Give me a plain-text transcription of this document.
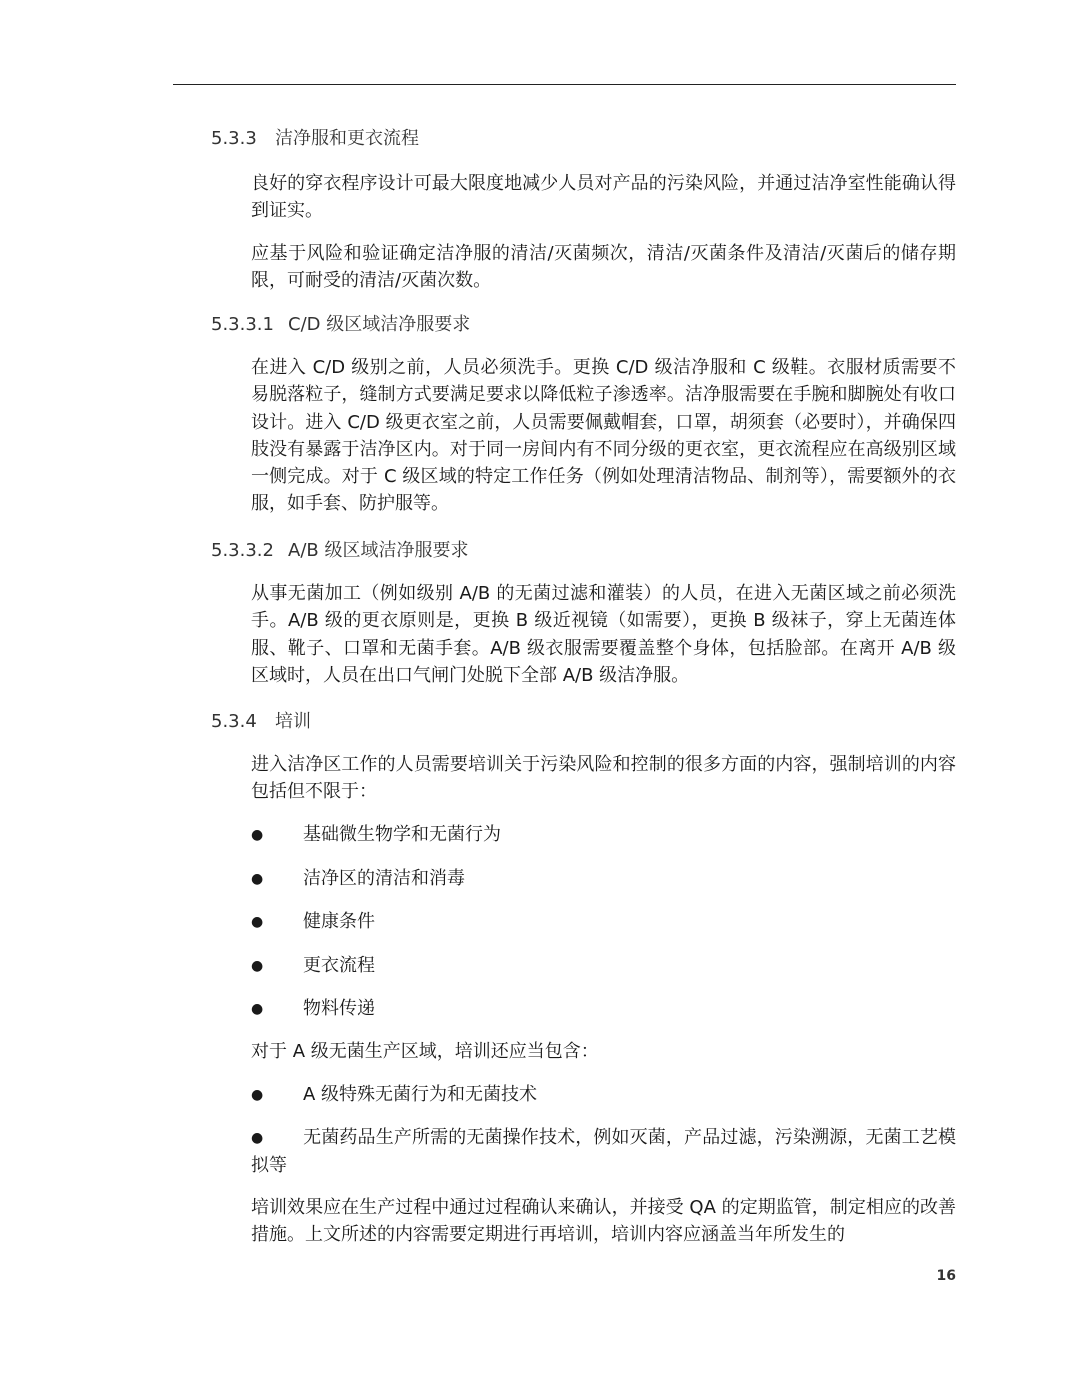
5.3.3 洁净服和更衣流程

良好的穿衣程序设计可最大限度地减少人员对产品的污染风险，并通过洁净室性能确认得到证实。

应基于风险和验证确定洁净服的清洁/灭菌频次，清洁/灭菌条件及清洁/灭菌后的储存期限，可耐受的清洁/灭菌次数。

5.3.3.1 C/D 级区域洁净服要求

在进入 C/D 级别之前，人员必须洗手。更换 C/D 级洁净服和 C 级鞋。衣服材质需要不易脱落粒子，缝制方式要满足要求以降低粒子渗透率。洁净服需要在手腕和脚腕处有收口设计。进入 C/D 级更衣室之前，人员需要佩戴帽套，口罩，胡须套（必要时），并确保四肢没有暴露于洁净区内。对于同一房间内有不同分级的更衣室，更衣流程应在高级别区域一侧完成。对于 C 级区域的特定工作任务（例如处理清洁物品、制剂等），需要额外的衣服，如手套、防护服等。

5.3.3.2 A/B 级区域洁净服要求

从事无菌加工（例如级别 A/B 的无菌过滤和灌装）的人员，在进入无菌区域之前必须洗手。A/B 级的更衣原则是，更换 B 级近视镜（如需要），更换 B 级袜子，穿上无菌连体服、靴子、口罩和无菌手套。A/B 级衣服需要覆盖整个身体，包括脸部。在离开 A/B 级区域时，人员在出口气闸门处脱下全部 A/B 级洁净服。

5.3.4 培训

进入洁净区工作的人员需要培训关于污染风险和控制的很多方面的内容，强制培训的内容包括但不限于：

● 基础微生物学和无菌行为
● 洁净区的清洁和消毒
● 健康条件
● 更衣流程
● 物料传递

对于 A 级无菌生产区域，培训还应当包含：

● A 级特殊无菌行为和无菌技术
● 无菌药品生产所需的无菌操作技术，例如灭菌，产品过滤，污染溯源，无菌工艺模拟等

培训效果应在生产过程中通过过程确认来确认，并接受 QA 的定期监管，制定相应的改善措施。上文所述的内容需要定期进行再培训，培训内容应涵盖当年所发生的

16
